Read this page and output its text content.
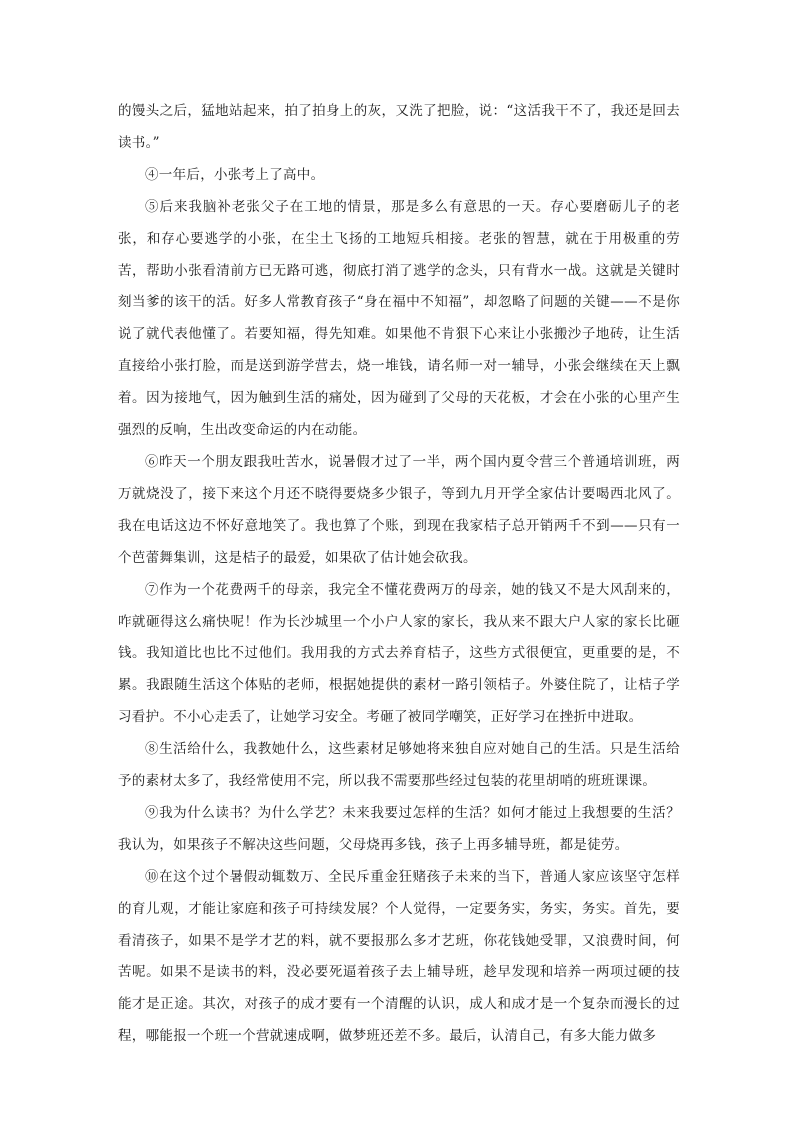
的馒头之后，猛地站起来，拍了拍身上的灰，又洗了把脸，说：“这活我干不了，我还是回去读书。”

④一年后，小张考上了高中。

⑤后来我脑补老张父子在工地的情景，那是多么有意思的一天。存心要磨砺儿子的老张，和存心要逃学的小张，在尘土飞扬的工地短兵相接。老张的智慧，就在于用极重的劳苦，帮助小张看清前方已无路可逃，彻底打消了逃学的念头，只有背水一战。这就是关键时刻当爹的该干的活。好多人常教育孩子“身在福中不知福”，却忽略了问题的关键——不是你说了就代表他懂了。若要知福，得先知难。如果他不肯狠下心来让小张搬沙子地砖，让生活直接给小张打脸，而是送到游学营去，烧一堆钱，请名师一对一辅导，小张会继续在天上飘着。因为接地气，因为触到生活的痛处，因为碰到了父母的天花板，才会在小张的心里产生强烈的反响，生出改变命运的内在动能。

⑥昨天一个朋友跟我吐苦水，说暑假才过了一半，两个国内夏令营三个普通培训班，两万就烧没了，接下来这个月还不晓得要烧多少银子，等到九月开学全家估计要喝西北风了。我在电话这边不怀好意地笑了。我也算了个账，到现在我家桔子总开销两千不到——只有一个芭蕾舞集训，这是桔子的最爱，如果砍了估计她会砍我。

⑦作为一个花费两千的母亲，我完全不懂花费两万的母亲，她的钱又不是大风刮来的，咋就砸得这么痛快呢！作为长沙城里一个小户人家的家长，我从来不跟大户人家的家长比砸钱。我知道比也比不过他们。我用我的方式去养育桔子，这些方式很便宜，更重要的是，不累。我跟随生活这个体贴的老师，根据她提供的素材一路引领桔子。外婆住院了，让桔子学习看护。不小心走丢了，让她学习安全。考砸了被同学嘲笑，正好学习在挫折中进取。

⑧生活给什么，我教她什么，这些素材足够她将来独自应对她自己的生活。只是生活给予的素材太多了，我经常使用不完，所以我不需要那些经过包装的花里胡哨的班班课课。

⑨我为什么读书？为什么学艺？未来我要过怎样的生活？如何才能过上我想要的生活？我认为，如果孩子不解决这些问题，父母烧再多钱，孩子上再多辅导班，都是徒劳。

⑩在这个过个暑假动辄数万、全民斥重金狂赌孩子未来的当下，普通人家应该坚守怎样的育儿观，才能让家庭和孩子可持续发展？个人觉得，一定要务实，务实，务实。首先，要看清孩子，如果不是学才艺的料，就不要报那么多才艺班，你花钱她受罪，又浪费时间，何苦呢。如果不是读书的料，没必要死逼着孩子去上辅导班，趁早发现和培养一两项过硬的技能才是正途。其次，对孩子的成才要有一个清醒的认识，成人和成才是一个复杂而漫长的过程，哪能报一个班一个营就速成啊，做梦班还差不多。最后，认清自己，有多大能力做多
